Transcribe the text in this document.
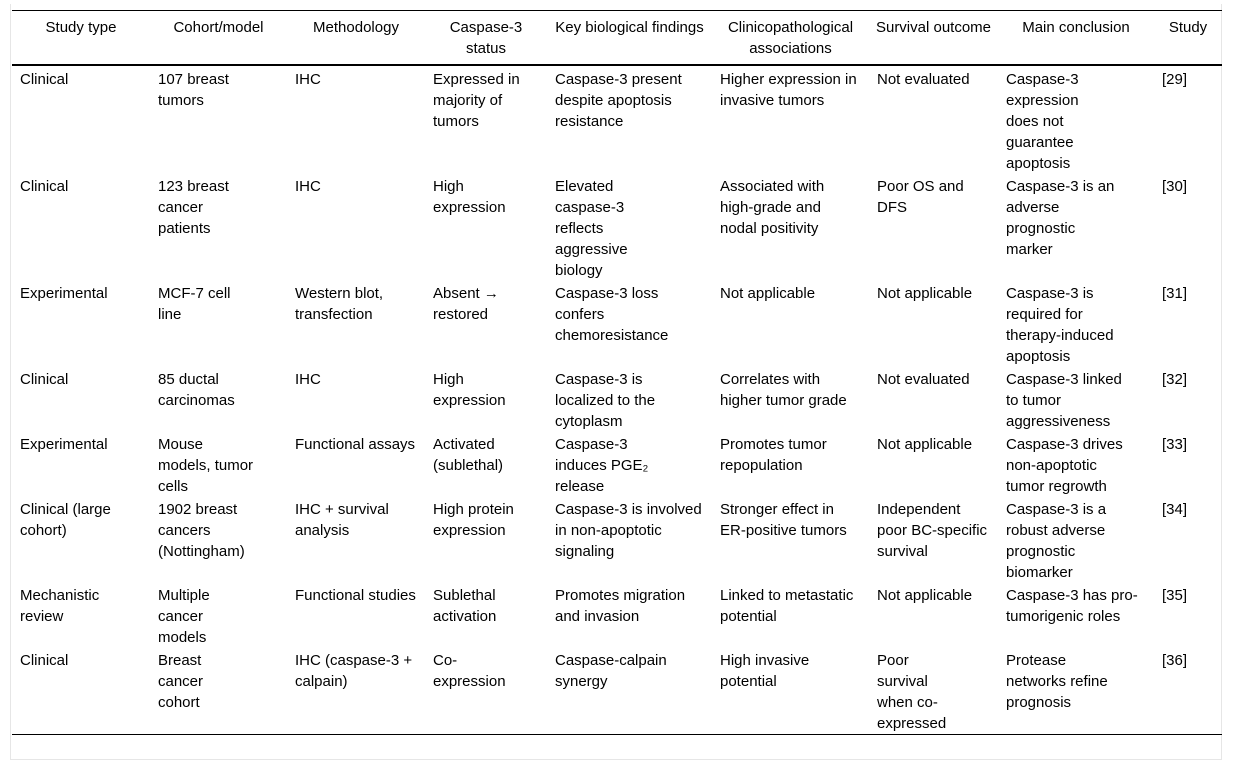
Study type	Cohort/model	Methodology	Caspase-3 status	Key biological findings	Clinicopathological associations	Survival outcome	Main conclusion	Study
Clinical	107 breast tumors	IHC	Expressed in majority of tumors	Caspase-3 present despite apoptosis resistance	Higher expression in invasive tumors	Not evaluated	Caspase-3 expression does not guarantee apoptosis	[29]
Clinical	123 breast cancer patients	IHC	High expression	Elevated caspase-3 reflects aggressive biology	Associated with high-grade and nodal positivity	Poor OS and DFS	Caspase-3 is an adverse prognostic marker	[30]
Experimental	MCF-7 cell line	Western blot, transfection	Absent → restored	Caspase-3 loss confers chemoresistance	Not applicable	Not applicable	Caspase-3 is required for therapy-induced apoptosis	[31]
Clinical	85 ductal carcinomas	IHC	High expression	Caspase-3 is localized to the cytoplasm	Correlates with higher tumor grade	Not evaluated	Caspase-3 linked to tumor aggressiveness	[32]
Experimental	Mouse models, tumor cells	Functional assays	Activated (sublethal)	Caspase-3 induces PGE₂ release	Promotes tumor repopulation	Not applicable	Caspase-3 drives non-apoptotic tumor regrowth	[33]
Clinical (large cohort)	1902 breast cancers (Nottingham)	IHC + survival analysis	High protein expression	Caspase-3 is involved in non-apoptotic signaling	Stronger effect in ER-positive tumors	Independent poor BC-specific survival	Caspase-3 is a robust adverse prognostic biomarker	[34]
Mechanistic review	Multiple cancer models	Functional studies	Sublethal activation	Promotes migration and invasion	Linked to metastatic potential	Not applicable	Caspase-3 has pro-tumorigenic roles	[35]
Clinical	Breast cancer cohort	IHC (caspase-3 + calpain)	Co-expression	Caspase-calpain synergy	High invasive potential	Poor survival when co-expressed	Protease networks refine prognosis	[36]
